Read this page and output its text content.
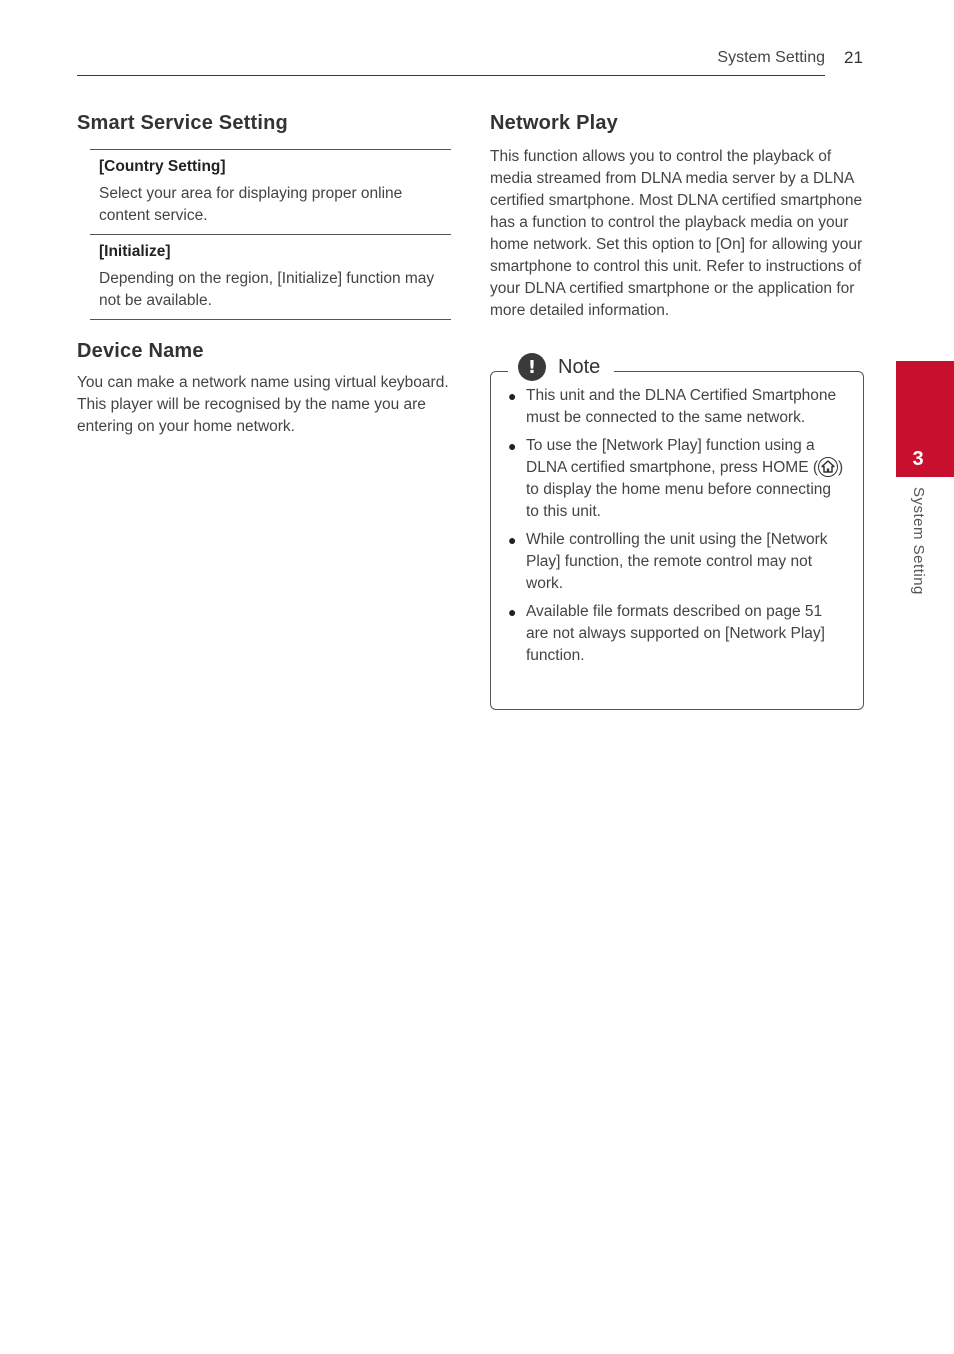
System Setting 21
Smart Service Setting
[Country Setting]
Select your area for displaying proper online content service.
[Initialize]
Depending on the region, [Initialize] function may not be available.
Device Name

You can make a network name using virtual keyboard. This player will be recognised by the name you are entering on your home network.

Network Play

This function allows you to control the playback of media streamed from DLNA media server by a DLNA certified smartphone. Most DLNA certified smartphone has a function to control the playback media on your home network. Set this option to [On] for allowing your smartphone to control this unit. Refer to instructions of your DLNA certified smartphone or the application for more detailed information.

!	Note
● This unit and the DLNA Certified Smartphone must be connected to the same network.
● To use the [Network Play] function using a DLNA certified smartphone, press HOME ( ) to display the home menu before connecting to this unit.
● While controlling the unit using the [Network Play] function, the remote control may not work.
● Available file formats described on page 51 are not always supported on [Network Play] function.
3
System Setting
